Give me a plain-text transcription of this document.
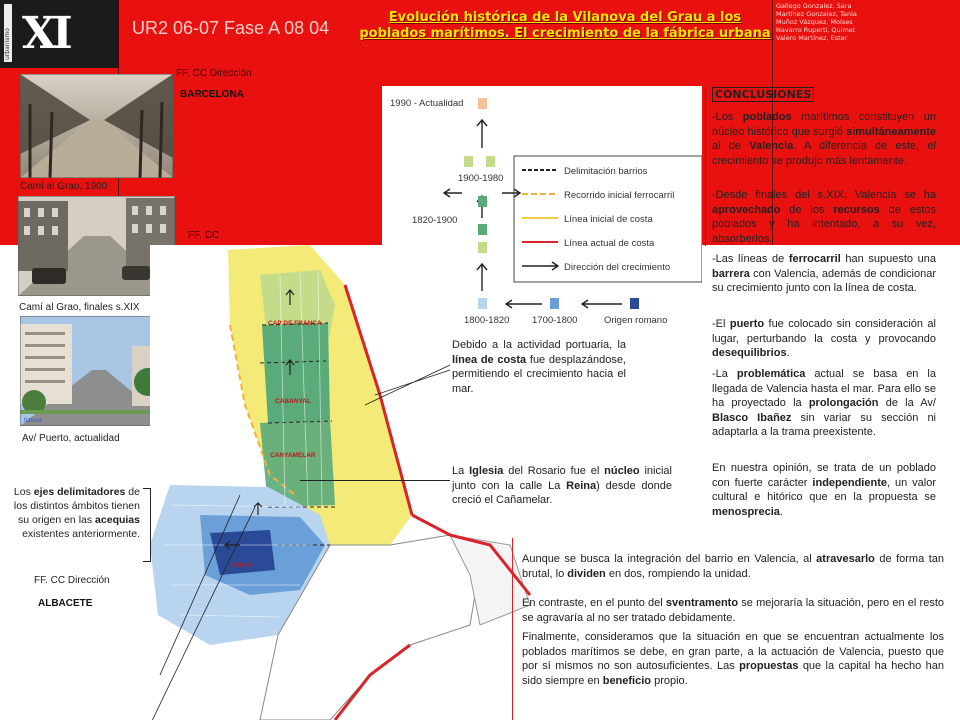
urbanismo XI	UR2 06-07 Fase A 08 04
Evolución histórica de la Vilanova del Grau a los
poblados marítimos. El crecimiento de la fábrica urbana
Gallego Gonzalez, Sara
Martínez Gonzalez, Tania
Muñoz Vázquez, Moíses
Navarro Ruperti, Quimet
Valero Martínez, Ester
Camí al Grao, 1900
Camí al Grao, finales s.XIX
fotovia
Av/ Puerto, actualidad
FF. CC Dirección
BARCELONA
FF. CC
FF. CC Dirección
ALBACETE
CAP DE FRANCA
CABANYAL
CANYAMELAR
GRAU
1990 - Actualidad
1900-1980
1820-1900
1800-1820 1700-1800	Origen romano
Delimitación barrios
Recorrido inicial ferrocarril
Línea inicial de costa
Línea actual de costa
Dirección del crecimiento
Los ejes delimitadores de los distintos ámbitos tienen su origen en las acequias existentes anteriormente.
Debido a la actividad portuaria, la línea de costa fue desplazándose, permitiendo el crecimiento hacia el mar.
La Iglesia del Rosario fue el núcleo inicial junto con la calle La Reina) desde donde creció el Cañamelar.
CONCLUSIONES
-Los poblados marítimos constituyen un núcleo histórico que surgió simultáneamente al de Valencia. A diferencia de este, el crecimiento se produjo más lentamente.
-Desde finales del s.XIX, Valencia se ha aprovechado de los recursos de estos poblados y ha intentado, a su vez, absorberlos.
-Las líneas de ferrocarril han supuesto una barrera con Valencia, además de condicionar su crecimiento junto con la línea de costa.
-El puerto fue colocado sin consideración al lugar, perturbando la costa y provocando desequilibrios.
-La problemática actual se basa en la llegada de Valencia hasta el mar. Para ello se ha proyectado la prolongación de la Av/ Blasco Ibañez sin variar su sección ni adaptarla a la trama preexistente.
En nuestra opinión, se trata de un poblado con fuerte carácter independiente, un valor cultural e hitórico que en la propuesta se menosprecia.
Aunque se busca la integración del barrio en Valencia, al atravesarlo de forma tan brutal, lo dividen en dos, rompiendo la unidad.
En contraste, en el punto del sventramento se mejoraría la situación, pero en el resto se agravaría al no ser tratado debidamente.
Finalmente, consideramos que la situación en que se encuentran actualmente los poblados marítimos se debe, en gran parte, a la actuación de Valencia, puesto que por sí mismos no son autosuficientes. Las propuestas que la capital ha hecho han sido siempre en beneficio propio.
